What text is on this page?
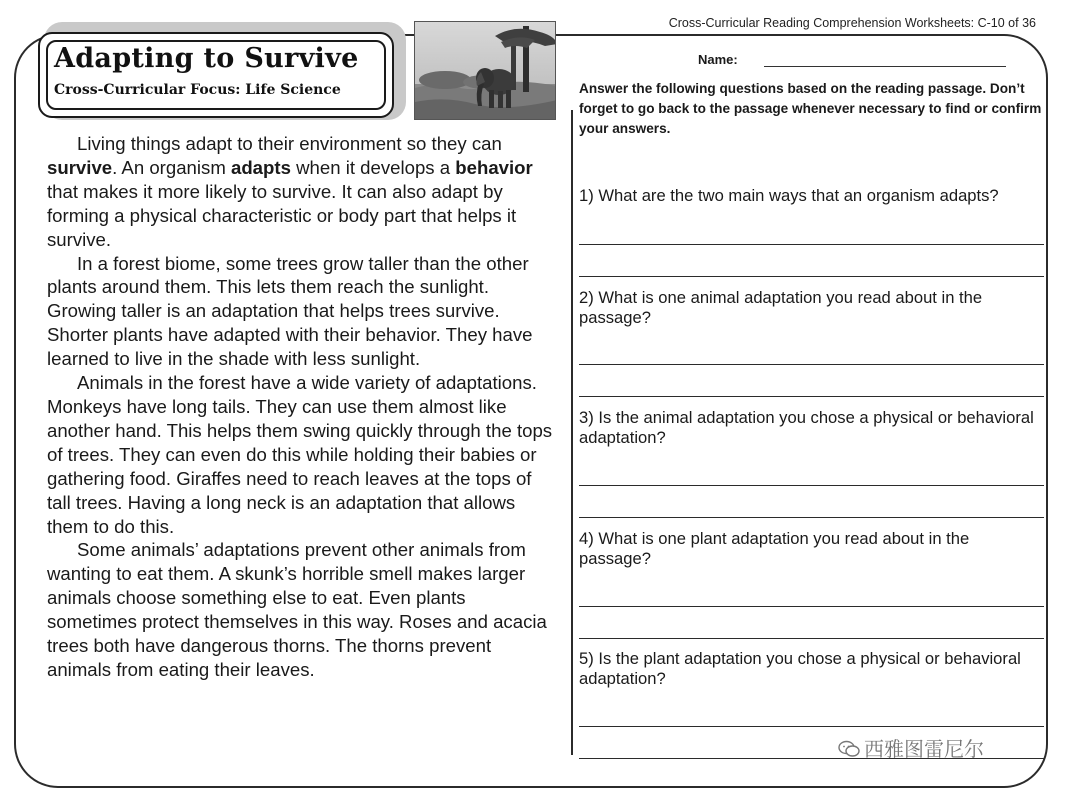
Cross-Curricular Reading Comprehension Worksheets: C-10 of 36
Adapting to Survive
Cross-Curricular Focus: Life Science

Living things adapt to their environment so they can survive. An organism adapts when it develops a behavior that makes it more likely to survive. It can also adapt by forming a physical characteristic or body part that helps it survive.

In a forest biome, some trees grow taller than the other plants around them. This lets them reach the sunlight. Growing taller is an adaptation that helps trees survive. Shorter plants have adapted with their behavior. They have learned to live in the shade with less sunlight.

Animals in the forest have a wide variety of adaptations. Monkeys have long tails. They can use them almost like another hand. This helps them swing quickly through the tops of trees. They can even do this while holding their babies or gathering food. Giraffes need to reach leaves at the tops of tall trees. Having a long neck is an adaptation that allows them to do this.

Some animals’ adaptations prevent other animals from wanting to eat them. A skunk’s horrible smell makes larger animals choose something else to eat. Even plants sometimes protect themselves in this way. Roses and acacia trees both have dangerous thorns. The thorns prevent animals from eating their leaves.

Name:
Answer the following questions based on the reading passage. Don’t forget to go back to the passage whenever necessary to find or confirm your answers.
1) What are the two main ways that an organism adapts?
2) What is one animal adaptation you read about in the passage?
3) Is the animal adaptation you chose a physical or behavioral adaptation?
4) What is one plant adaptation you read about in the passage?
5) Is the plant adaptation you chose a physical or behavioral adaptation?
西雅图雷尼尔
